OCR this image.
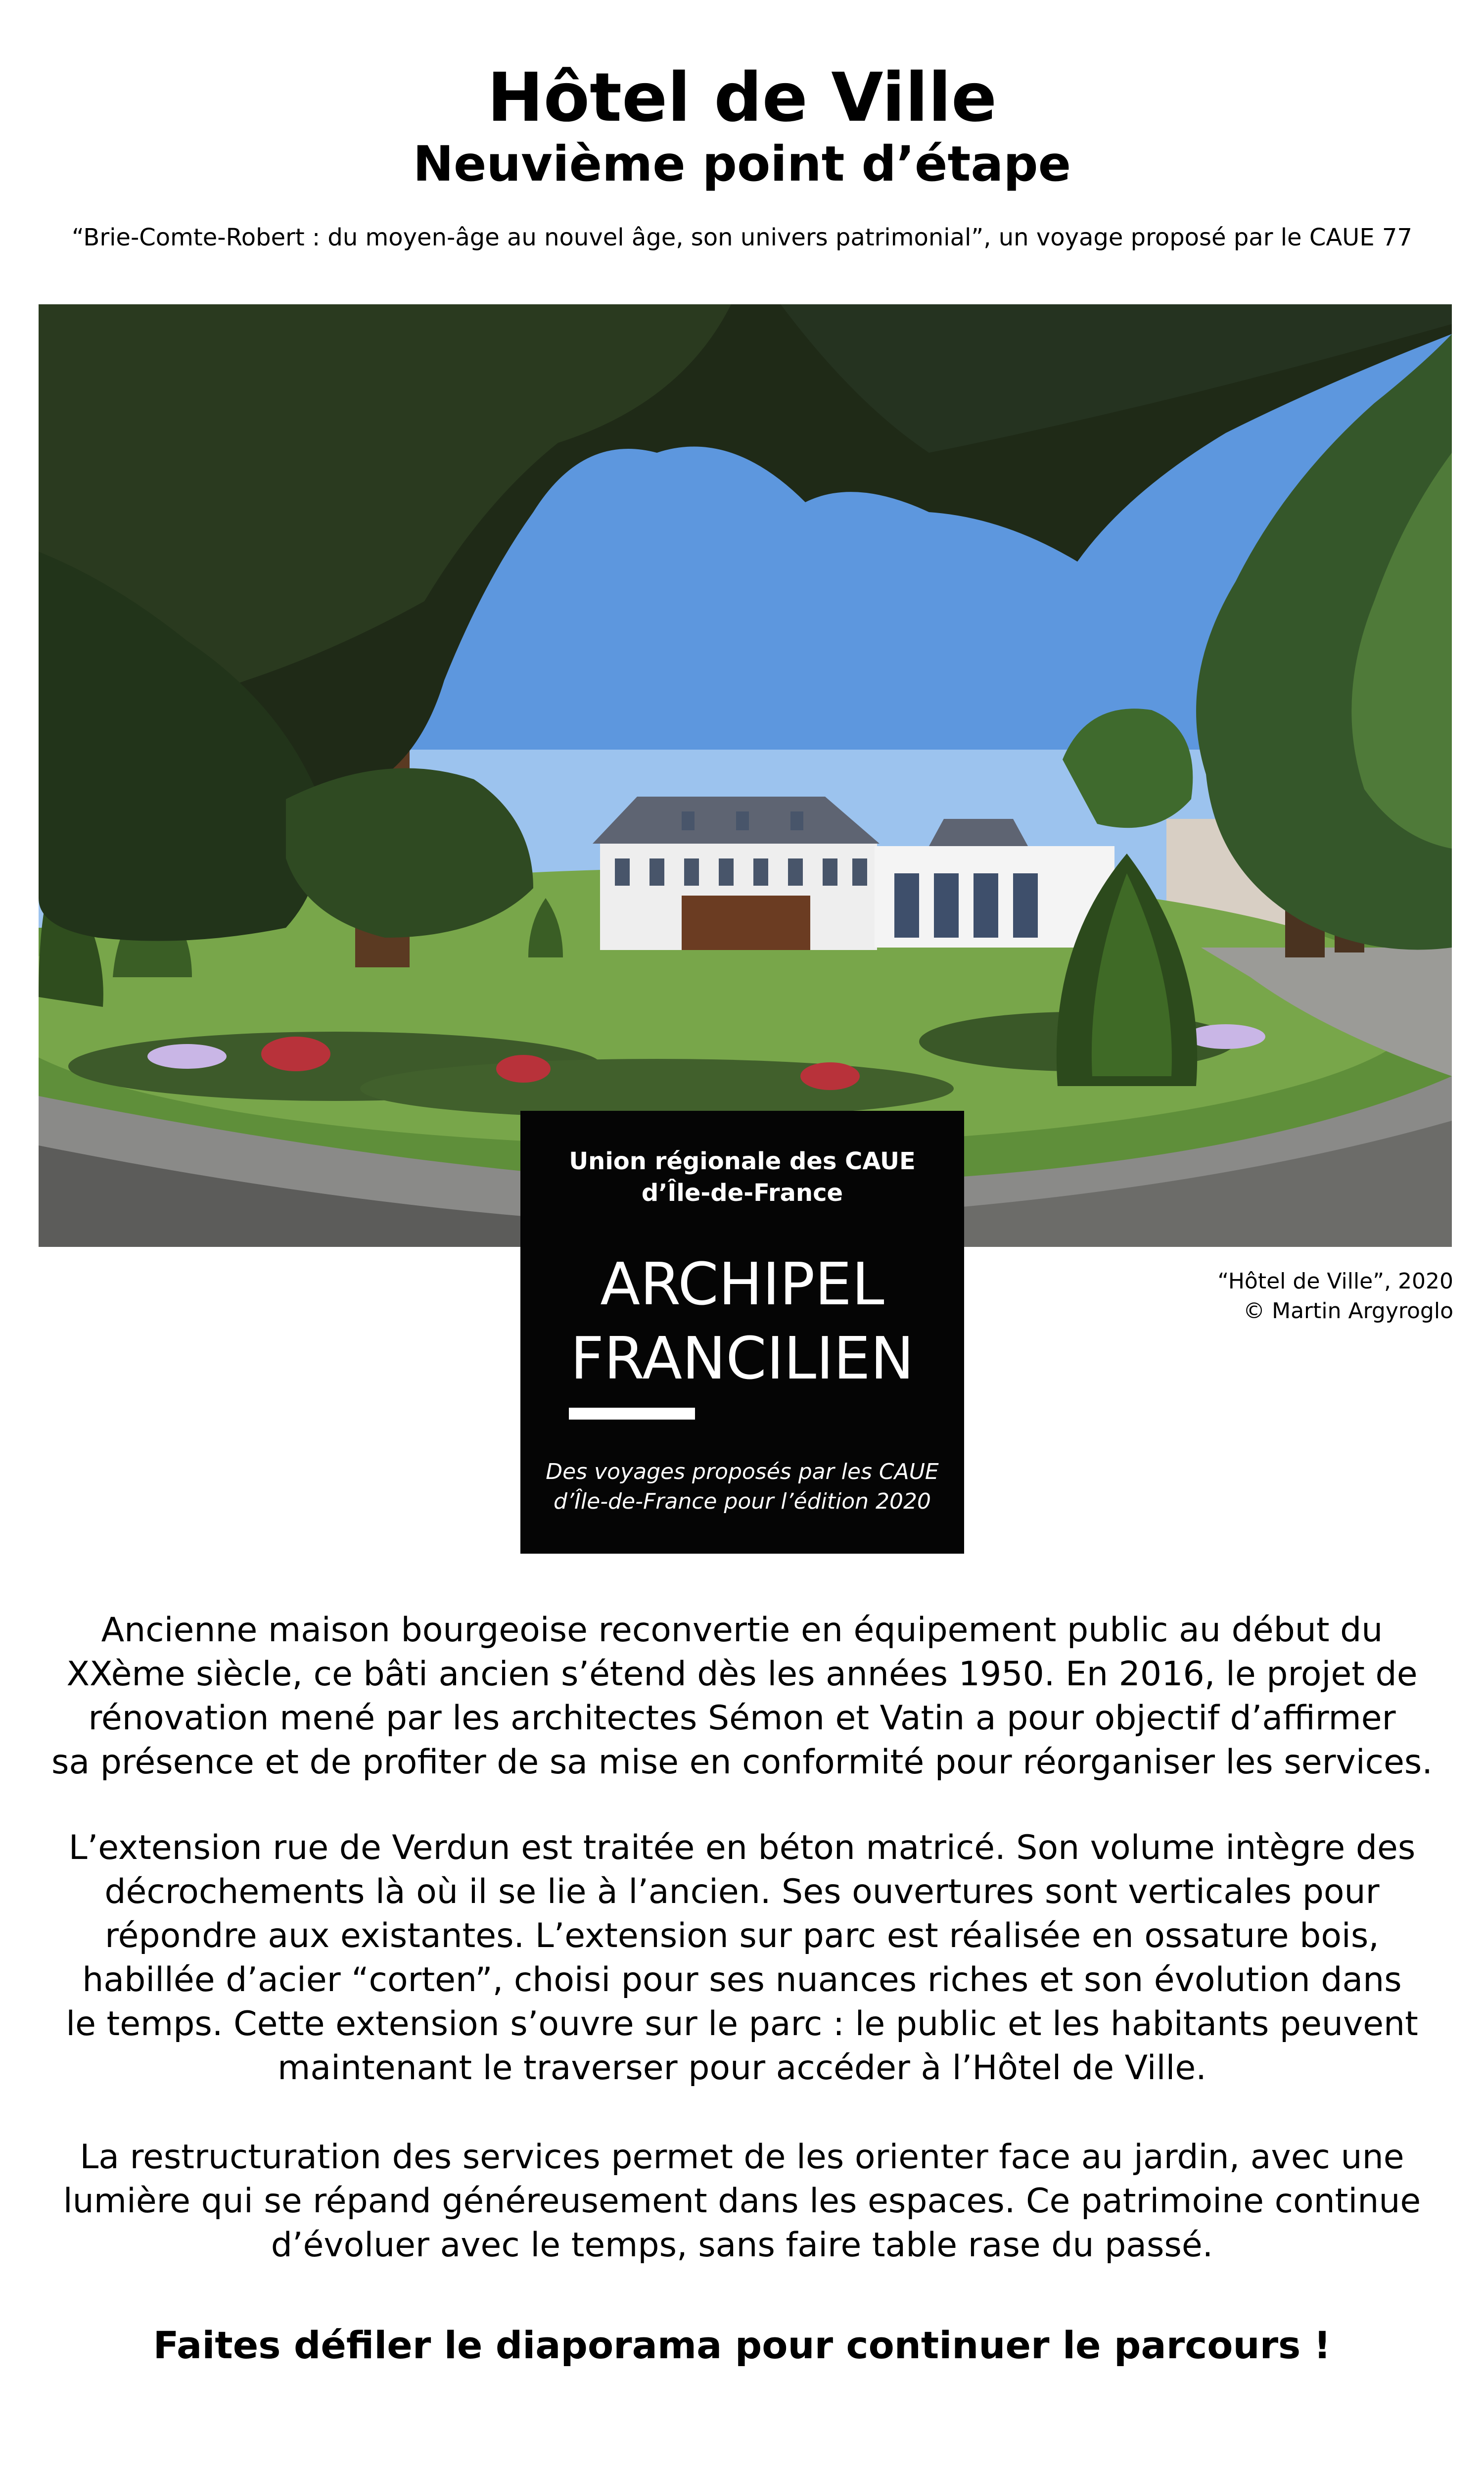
Hôtel de Ville
Neuvième point d’étape
“Brie-Comte-Robert : du moyen-âge au nouvel âge, son univers patrimonial”, un voyage proposé par le CAUE 77
“Hôtel de Ville”, 2020
© Martin Argyroglo
Union régionale des CAUE
d’Île-de-France
ARCHIPEL
FRANCILIEN
Des voyages proposés par les CAUE
d’Île-de-France pour l’édition 2020
Ancienne maison bourgeoise reconvertie en équipement public au début du
XXème siècle, ce bâti ancien s’étend dès les années 1950. En 2016, le projet de
rénovation mené par les architectes Sémon et Vatin a pour objectif d’affirmer
sa présence et de profiter de sa mise en conformité pour réorganiser les services.
L’extension rue de Verdun est traitée en béton matricé. Son volume intègre des
décrochements là où il se lie à l’ancien. Ses ouvertures sont verticales pour
répondre aux existantes. L’extension sur parc est réalisée en ossature bois,
habillée d’acier “corten”, choisi pour ses nuances riches et son évolution dans
le temps. Cette extension s’ouvre sur le parc : le public et les habitants peuvent
maintenant le traverser pour accéder à l’Hôtel de Ville.
La restructuration des services permet de les orienter face au jardin, avec une
lumière qui se répand généreusement dans les espaces. Ce patrimoine continue
d’évoluer avec le temps, sans faire table rase du passé.
Faites défiler le diaporama pour continuer le parcours !
